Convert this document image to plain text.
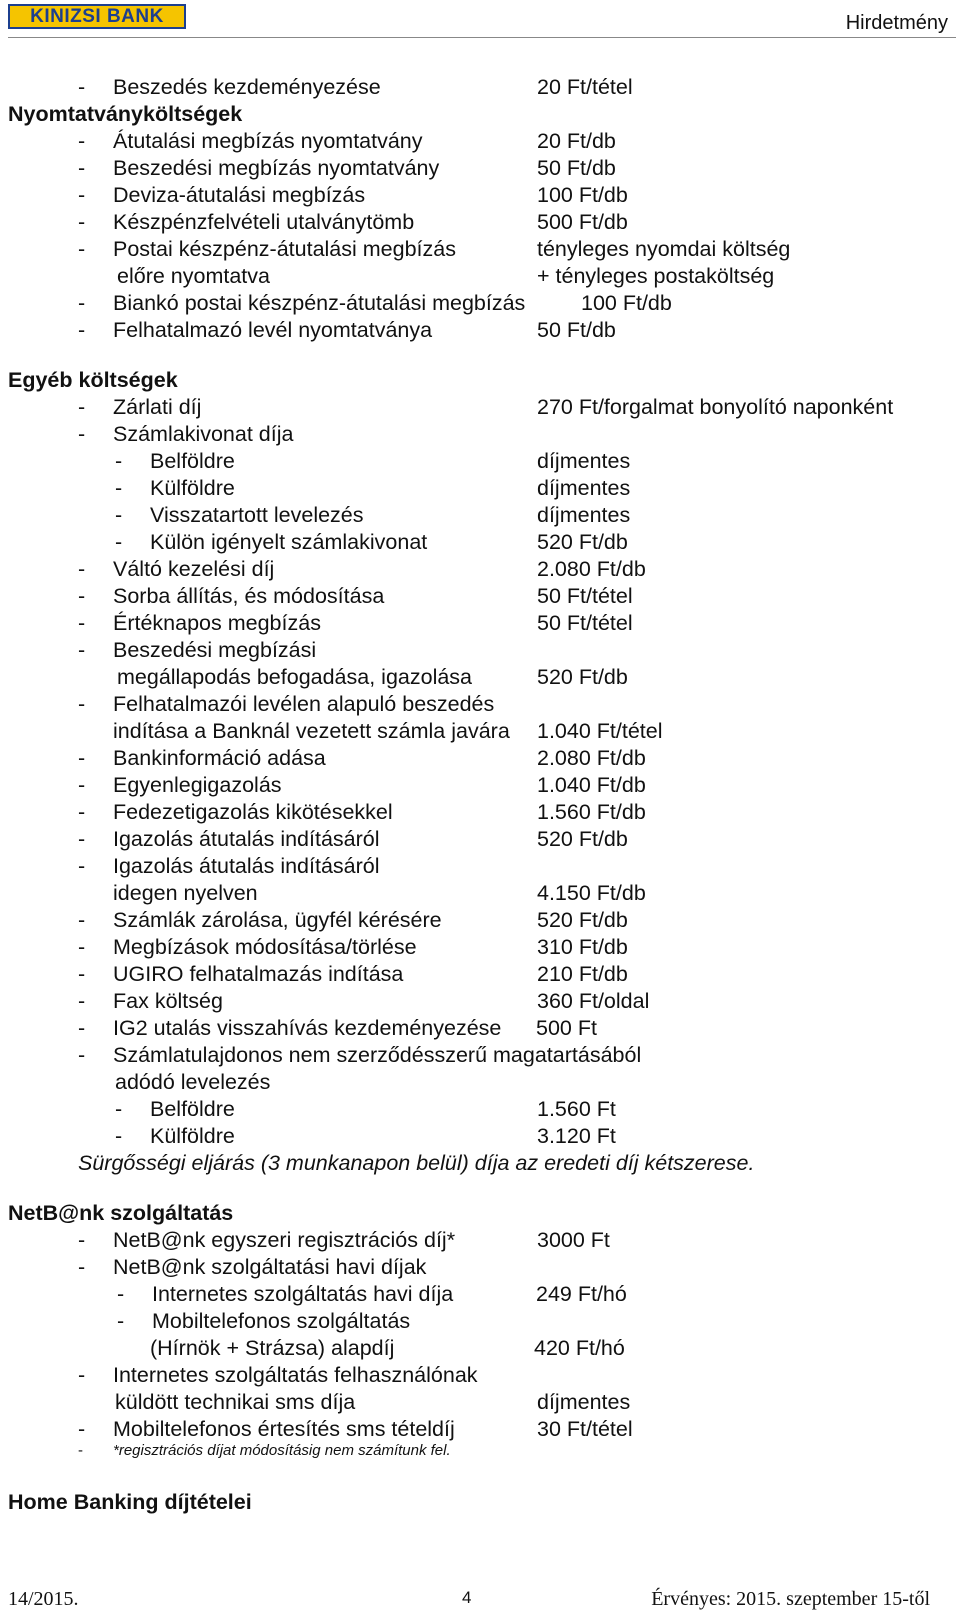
KINIZSI BANK	Hirdetmény
- Beszedés kezdeményezése	20 Ft/tétel
Nyomtatványköltségek
- Átutalási megbízás nyomtatvány	20 Ft/db
- Beszedési megbízás nyomtatvány	50 Ft/db
- Deviza-átutalási megbízás	100 Ft/db
- Készpénzfelvételi utalványtömb	500 Ft/db
- Postai készpénz-átutalási megbízás	tényleges nyomdai költség
előre nyomtatva	+ tényleges postaköltség
- Biankó postai készpénz-átutalási megbízás	100 Ft/db
- Felhatalmazó levél nyomtatványa	50 Ft/db
Egyéb költségek
- Zárlati díj	270 Ft/forgalmat bonyolító naponként
- Számlakivonat díja
- Belföldre	díjmentes
- Külföldre	díjmentes
- Visszatartott levelezés	díjmentes
- Külön igényelt számlakivonat	520 Ft/db
- Váltó kezelési díj	2.080 Ft/db
- Sorba állítás, és módosítása	50 Ft/tétel
- Értéknapos megbízás	50 Ft/tétel
- Beszedési megbízási
megállapodás befogadása, igazolása	520 Ft/db
- Felhatalmazói levélen alapuló beszedés
indítása a Banknál vezetett számla javára 1.040 Ft/tétel
- Bankinformáció adása	2.080 Ft/db
- Egyenlegigazolás	1.040 Ft/db
- Fedezetigazolás kikötésekkel	1.560 Ft/db
- Igazolás átutalás indításáról	520 Ft/db
- Igazolás átutalás indításáról
idegen nyelven	4.150 Ft/db
- Számlák zárolása, ügyfél kérésére	520 Ft/db
- Megbízások módosítása/törlése	310 Ft/db
- UGIRO felhatalmazás indítása	210 Ft/db
- Fax költség	360 Ft/oldal
- IG2 utalás visszahívás kezdeményezése 500 Ft
- Számlatulajdonos nem szerződésszerű magatartásából
adódó levelezés
- Belföldre	1.560 Ft
- Külföldre	3.120 Ft
Sürgősségi eljárás (3 munkanapon belül) díja az eredeti díj kétszerese.
NetB@nk szolgáltatás
- NetB@nk egyszeri regisztrációs díj*	3000 Ft
- NetB@nk szolgáltatási havi díjak
- Internetes szolgáltatás havi díja	249 Ft/hó
- Mobiltelefonos szolgáltatás
(Hírnök + Strázsa) alapdíj	420 Ft/hó
- Internetes szolgáltatás felhasználónak
küldött technikai sms díja	díjmentes
- Mobiltelefonos értesítés sms tételdíj	30 Ft/tétel
- *regisztrációs díjat módosításig nem számítunk fel.
Home Banking díjtételei
14/2015.	4	Érvényes: 2015. szeptember 15-től
